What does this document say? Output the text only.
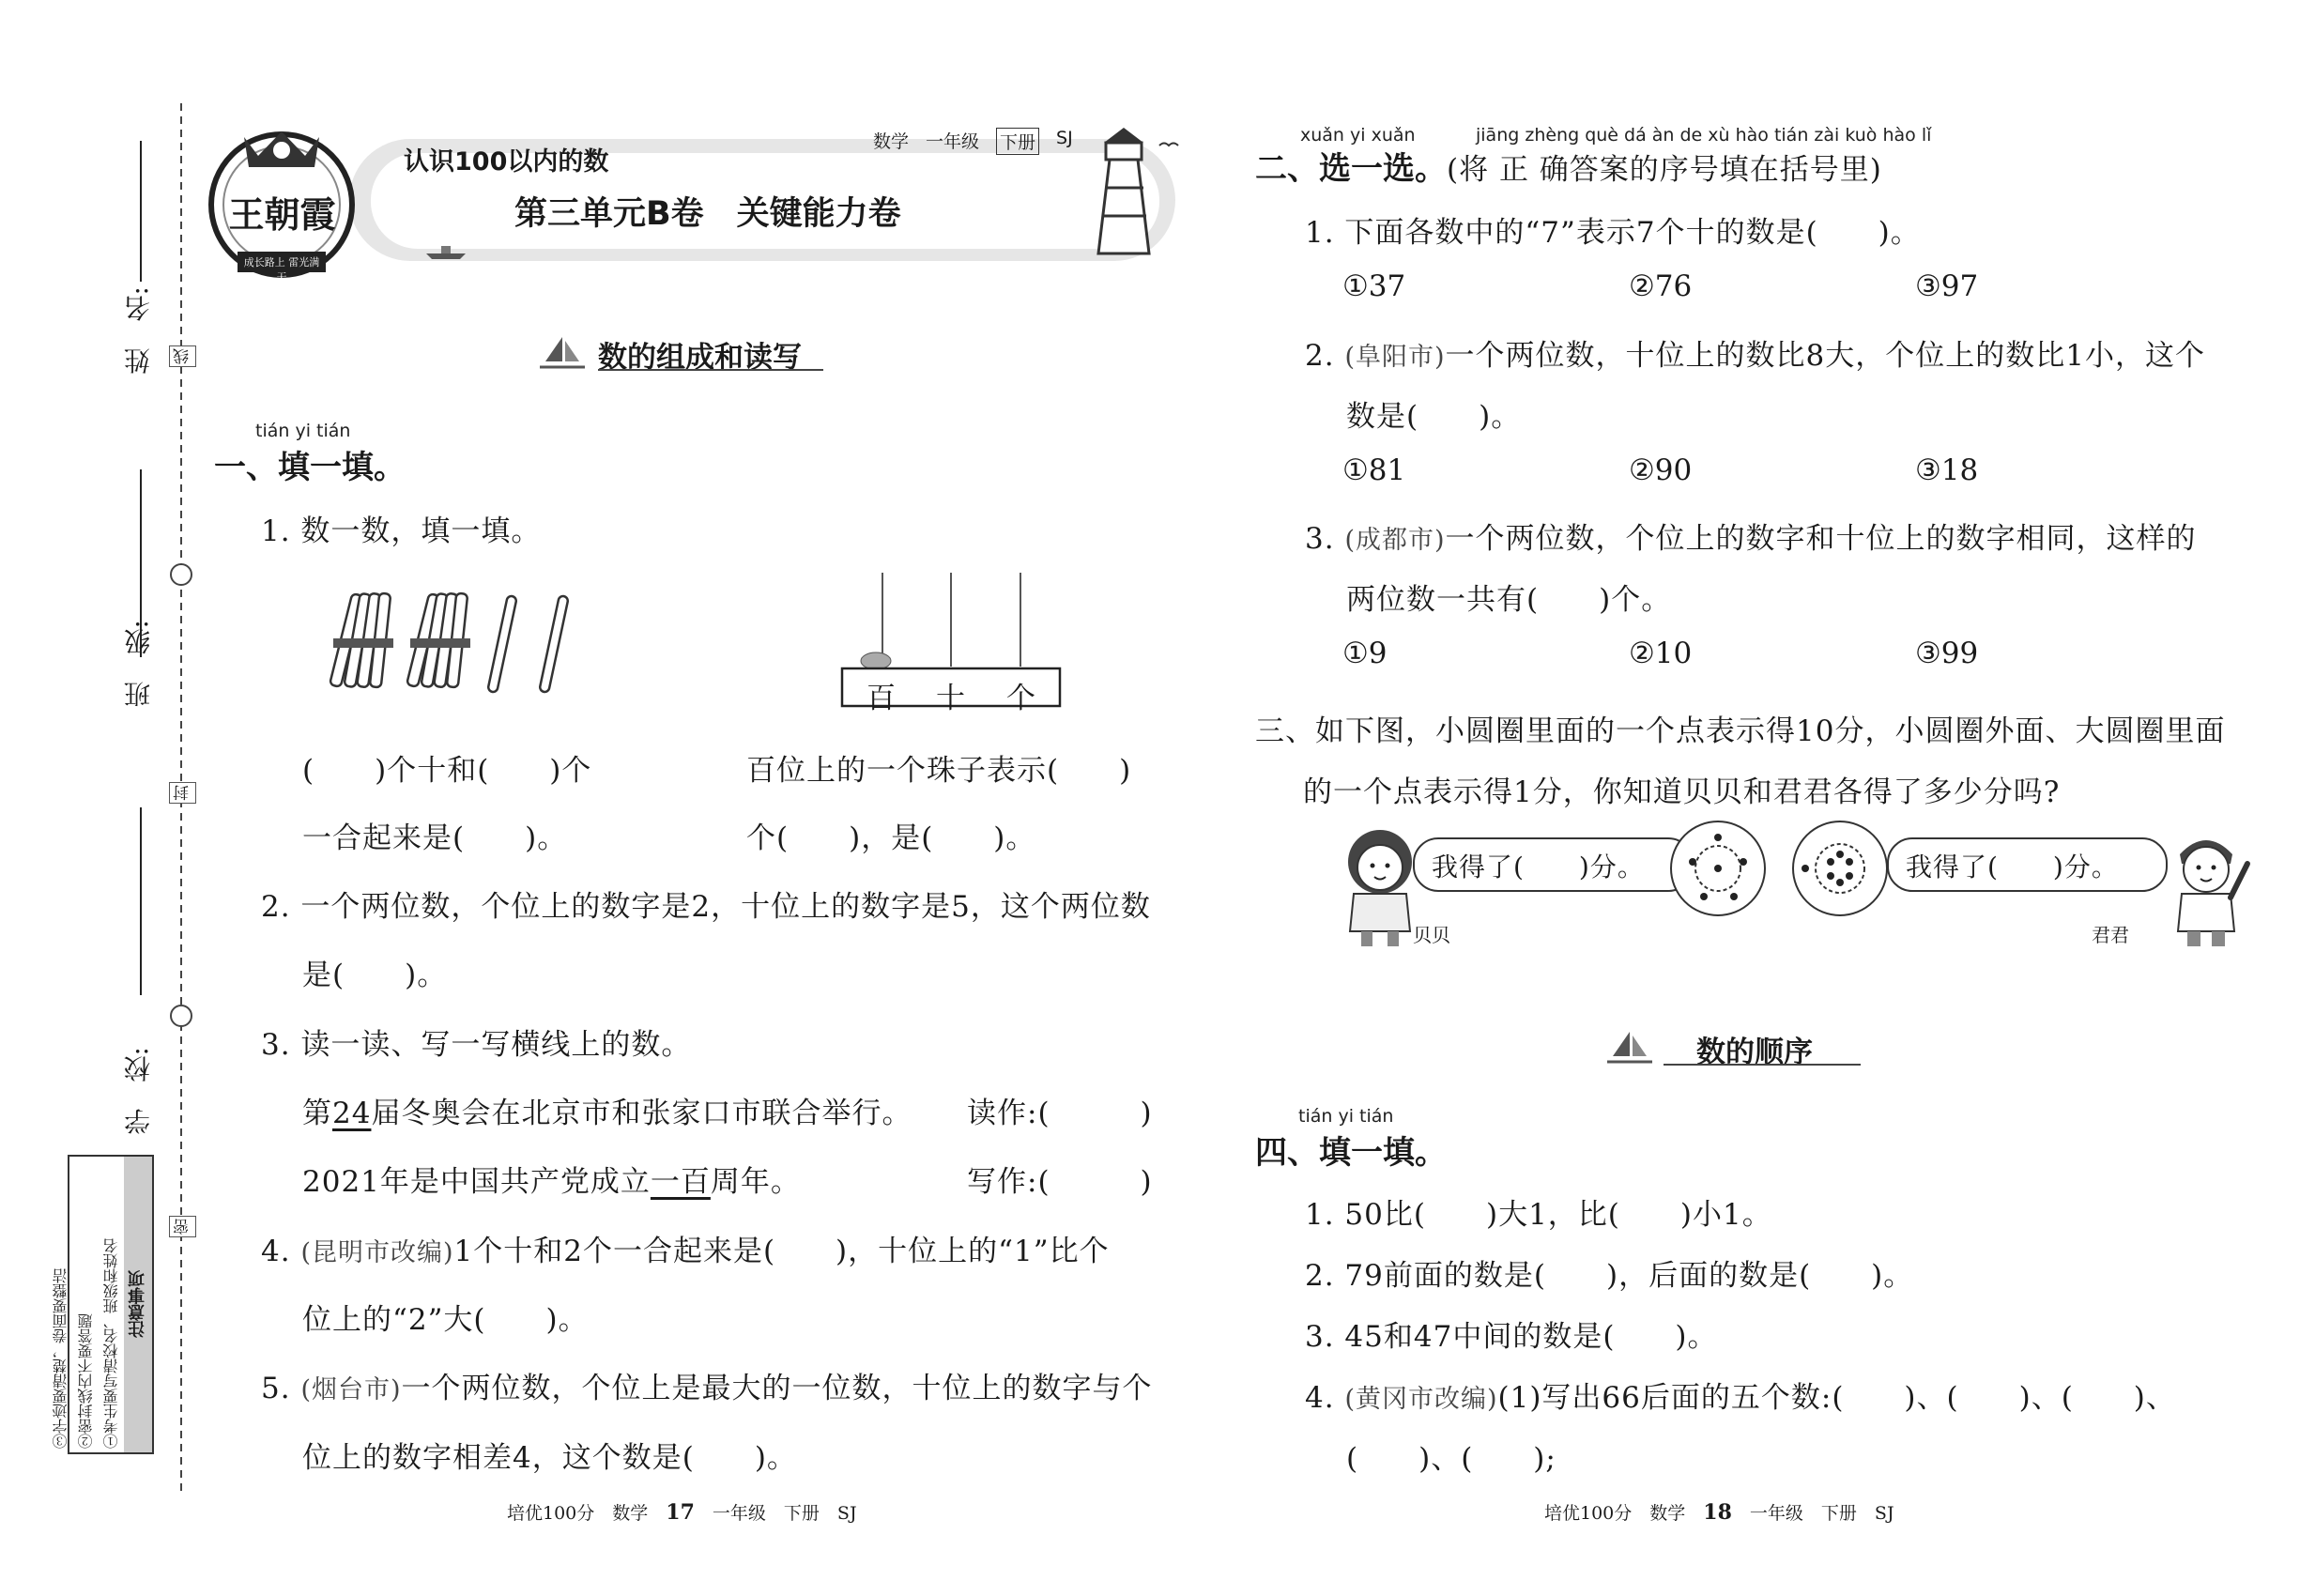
姓　名:
班　级:
学　校:
线
封
密
注意事项
①考生要写清校名、班级和姓名
②密封线内不要答题
③字迹要清楚，卷面要整洁
王朝霞
成长路上 雷光满天
认识100以内的数
数学 一年级 下册 SJ
第三单元B卷　关键能力卷
数的组成和读写
tián yi tián
一、填一填。
1. 数一数，填一填。
百 十 个
(　　)个十和(　　)个
一合起来是(　　)。
百位上的一个珠子表示(　　)
个(　　)，是(　　)。
2. 一个两位数，个位上的数字是2，十位上的数字是5，这个两位数
是(　　)。
3. 读一读、写一写横线上的数。
第24届冬奥会在北京市和张家口市联合举行。 读作:(　　　)
2021年是中国共产党成立一百周年。	写作:(　　　)
4. (昆明市改编)1个十和2个一合起来是(　　)，十位上的“1”比个
位上的“2”大(　　)。
5. (烟台市)一个两位数，个位上是最大的一位数，十位上的数字与个
位上的数字相差4，这个数是(　　)。
培优100分　数学　 17　 一年级　下册　SJ
xuǎn yi xuǎn	jiāng zhèng què dá àn de xù hào tián zài kuò hào lǐ
二、选一选。(将 正 确答案的序号填在括号里)
1. 下面各数中的“7”表示7个十的数是(　　)。
①37	②76	③97
2. (阜阳市)一个两位数，十位上的数比8大，个位上的数比1小，这个
数是(　　)。
①81	②90	③18
3. (成都市)一个两位数，个位上的数字和十位上的数字相同，这样的
两位数一共有(　　)个。
①9	②10	③99
三、如下图，小圆圈里面的一个点表示得10分，小圆圈外面、大圆圈里面
的一个点表示得1分，你知道贝贝和君君各得了多少分吗?
我得了(　　)分。
贝贝
我得了(　　)分。
君君
数的顺序
tián yi tián
四、填一填。
1. 50比(　　)大1，比(　　)小1。
2. 79前面的数是(　　)，后面的数是(　　)。
3. 45和47中间的数是(　　)。
4. (黄冈市改编)(1)写出66后面的五个数:(　　)、(　　)、(　　)、
(　　)、(　　);
培优100分　数学　 18　 一年级　下册　SJ
